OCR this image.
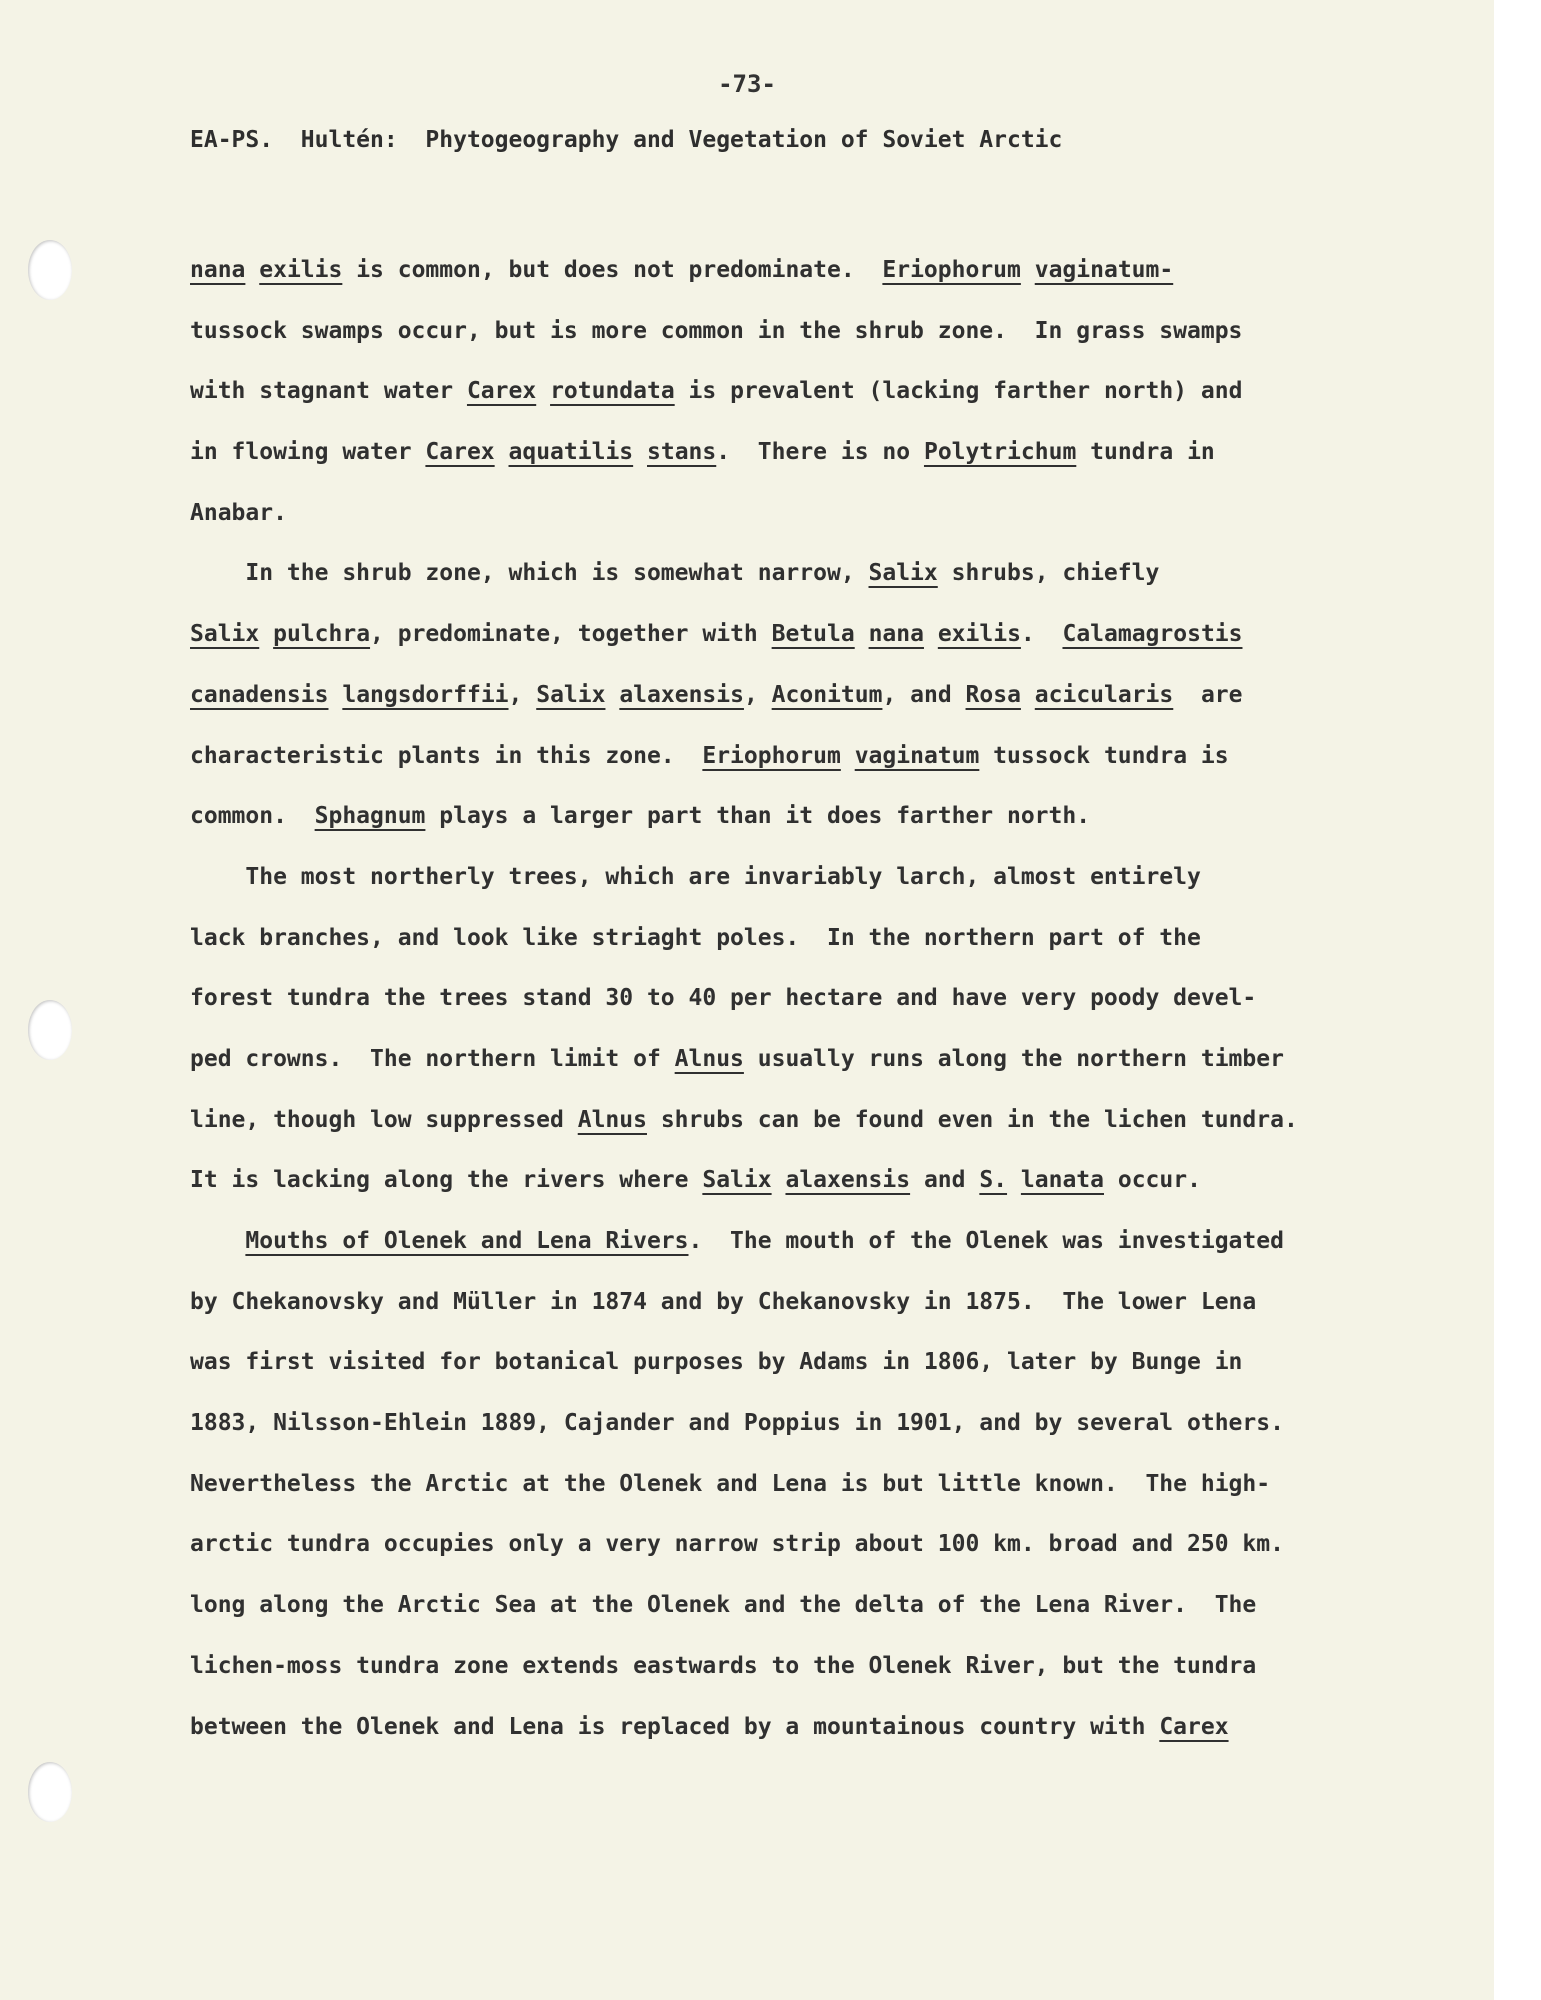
-73-
EA-PS.  Hultén:  Phytogeography and Vegetation of Soviet Arctic
nana exilis is common, but does not predominate.  Eriophorum vaginatum-
tussock swamps occur, but is more common in the shrub zone.  In grass swamps
with stagnant water Carex rotundata is prevalent (lacking farther north) and
in flowing water Carex aquatilis stans.  There is no Polytrichum tundra in
Anabar.
In the shrub zone, which is somewhat narrow, Salix shrubs, chiefly
Salix pulchra, predominate, together with Betula nana exilis.  Calamagrostis
canadensis langsdorffii, Salix alaxensis, Aconitum, and Rosa acicularis  are
characteristic plants in this zone.  Eriophorum vaginatum tussock tundra is
common.  Sphagnum plays a larger part than it does farther north.
The most northerly trees, which are invariably larch, almost entirely
lack branches, and look like striaght poles.  In the northern part of the
forest tundra the trees stand 30 to 40 per hectare and have very poody devel-
ped crowns.  The northern limit of Alnus usually runs along the northern timber
line, though low suppressed Alnus shrubs can be found even in the lichen tundra.
It is lacking along the rivers where Salix alaxensis and S. lanata occur.
Mouths of Olenek and Lena Rivers.  The mouth of the Olenek was investigated
by Chekanovsky and Müller in 1874 and by Chekanovsky in 1875.  The lower Lena
was first visited for botanical purposes by Adams in 1806, later by Bunge in
1883, Nilsson-Ehlein 1889, Cajander and Poppius in 1901, and by several others.
Nevertheless the Arctic at the Olenek and Lena is but little known.  The high-
arctic tundra occupies only a very narrow strip about 100 km. broad and 250 km.
long along the Arctic Sea at the Olenek and the delta of the Lena River.  The
lichen-moss tundra zone extends eastwards to the Olenek River, but the tundra
between the Olenek and Lena is replaced by a mountainous country with Carex
